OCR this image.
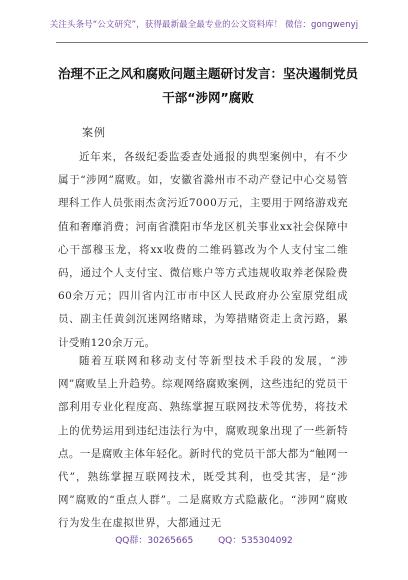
关注头条号“公文研究”，获得最新最全最专业的公文资料库！ 微信：gongwenyj
治理不正之风和腐败问题主题研讨发言：坚决遏制党员干部“涉网”腐败
案例
近年来，各级纪委监委查处通报的典型案例中，有不少属于“涉网”腐败。如，安徽省滁州市不动产登记中心交易管理科工作人员张雨杰贪污近7000万元，主要用于网络游戏充值和奢靡消费；河南省濮阳市华龙区机关事业xx社会保障中心干部穆玉龙，将xx收费的二维码篡改为个人支付宝二维码，通过个人支付宝、微信账户等方式违规收取养老保险费60余万元；四川省内江市市中区人民政府办公室原党组成员、副主任黄剑沉迷网络赌球，为筹措赌资走上贪污路，累计受贿120余万元。
随着互联网和移动支付等新型技术手段的发展，“涉网”腐败呈上升趋势。综观网络腐败案例，这些违纪的党员干部利用专业化程度高、熟练掌握互联网技术等优势，将技术上的优势运用到违纪违法行为中，腐败现象出现了一些新特点。一是腐败主体年轻化。新时代的党员干部大都为“触网一代”，熟练掌握互联网技术，既受其利，也受其害，是“涉网”腐败的“重点人群”。二是腐败方式隐蔽化。“涉网”腐败行为发生在虚拟世界，大都通过无
QQ群：30265665	QQ：535304092
